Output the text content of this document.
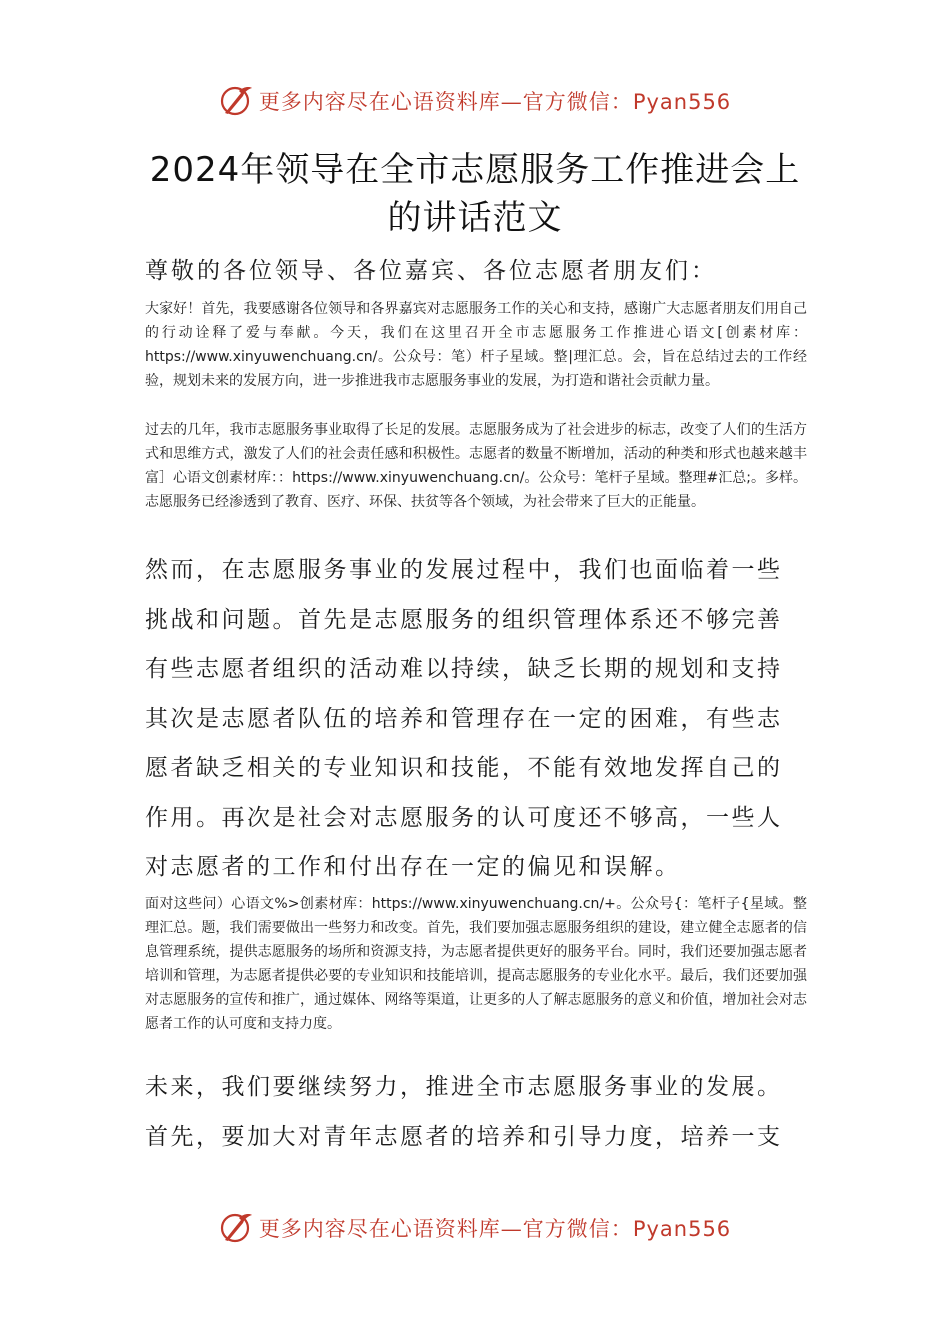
更多内容尽在心语资料库—官方微信：Pyan556
2024年领导在全市志愿服务工作推进会上
的讲话范文

尊敬的各位领导、各位嘉宾、各位志愿者朋友们：

大家好！首先，我要感谢各位领导和各界嘉宾对志愿服务工作的关心和支持，感谢广大志愿者朋友们用自己的行动诠释了爱与奉献。今天，我们在这里召开全市志愿服务工作推进心语文[创素材库：https://www.xinyuwenchuang.cn/。公众号：笔）杆子星域。整|理汇总。会，旨在总结过去的工作经验，规划未来的发展方向，进一步推进我市志愿服务事业的发展，为打造和谐社会贡献力量。

过去的几年，我市志愿服务事业取得了长足的发展。志愿服务成为了社会进步的标志，改变了人们的生活方式和思维方式，激发了人们的社会责任感和积极性。志愿者的数量不断增加，活动的种类和形式也越来越丰富］心语文创素材库：：https://www.xinyuwenchuang.cn/。公众号：笔杆子星域。整理#汇总;。多样。志愿服务已经渗透到了教育、医疗、环保、扶贫等各个领域，为社会带来了巨大的正能量。

然而，在志愿服务事业的发展过程中，我们也面临着一些
挑战和问题。首先是志愿服务的组织管理体系还不够完善
有些志愿者组织的活动难以持续，缺乏长期的规划和支持
其次是志愿者队伍的培养和管理存在一定的困难，有些志
愿者缺乏相关的专业知识和技能，不能有效地发挥自己的
作用。再次是社会对志愿服务的认可度还不够高，一些人
对志愿者的工作和付出存在一定的偏见和误解。

面对这些问）心语文%>创素材库：https://www.xinyuwenchuang.cn/+。公众号{：笔杆子{星域。整理汇总。题，我们需要做出一些努力和改变。首先，我们要加强志愿服务组织的建设，建立健全志愿者的信息管理系统，提供志愿服务的场所和资源支持，为志愿者提供更好的服务平台。同时，我们还要加强志愿者培训和管理，为志愿者提供必要的专业知识和技能培训，提高志愿服务的专业化水平。最后，我们还要加强对志愿服务的宣传和推广，通过媒体、网络等渠道，让更多的人了解志愿服务的意义和价值，增加社会对志愿者工作的认可度和支持力度。

未来，我们要继续努力，推进全市志愿服务事业的发展。
首先，要加大对青年志愿者的培养和引导力度，培养一支
更多内容尽在心语资料库—官方微信：Pyan556
